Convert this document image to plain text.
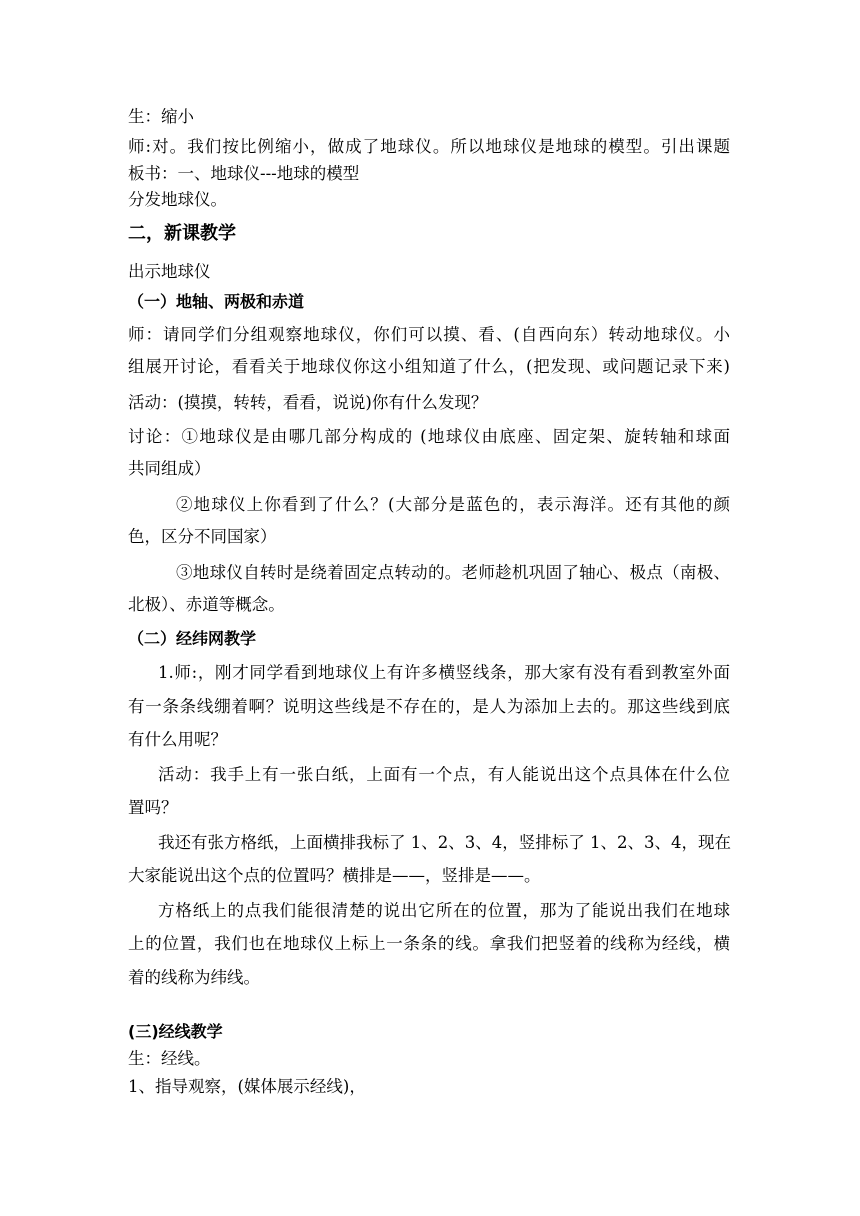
生：缩小
师:对。我们按比例缩小，做成了地球仪。所以地球仪是地球的模型。引出课题
板书：一、地球仪---地球的模型
分发地球仪。
二，新课教学
出示地球仪
（一）地轴、两极和赤道
师：请同学们分组观察地球仪，你们可以摸、看、(自西向东）转动地球仪。小
组展开讨论，看看关于地球仪你这小组知道了什么，(把发现、或问题记录下来)
活动：(摸摸，转转，看看，说说)你有什么发现？
讨论：①地球仪是由哪几部分构成的 (地球仪由底座、固定架、旋转轴和球面
共同组成）
②地球仪上你看到了什么？(大部分是蓝色的，表示海洋。还有其他的颜
色，区分不同国家）
③地球仪自转时是绕着固定点转动的。老师趁机巩固了轴心、极点（南极、
北极）、赤道等概念。
（二）经纬网教学
1.师:，刚才同学看到地球仪上有许多横竖线条，那大家有没有看到教室外面
有一条条线绷着啊？说明这些线是不存在的，是人为添加上去的。那这些线到底
有什么用呢？
活动：我手上有一张白纸，上面有一个点，有人能说出这个点具体在什么位
置吗？
我还有张方格纸，上面横排我标了 1、2、3、4，竖排标了 1、2、3、4，现在
大家能说出这个点的位置吗？横排是——，竖排是——。
方格纸上的点我们能很清楚的说出它所在的位置，那为了能说出我们在地球
上的位置，我们也在地球仪上标上一条条的线。拿我们把竖着的线称为经线，横
着的线称为纬线。
(三)经线教学
生：经线。
1、指导观察，(媒体展示经线)，
